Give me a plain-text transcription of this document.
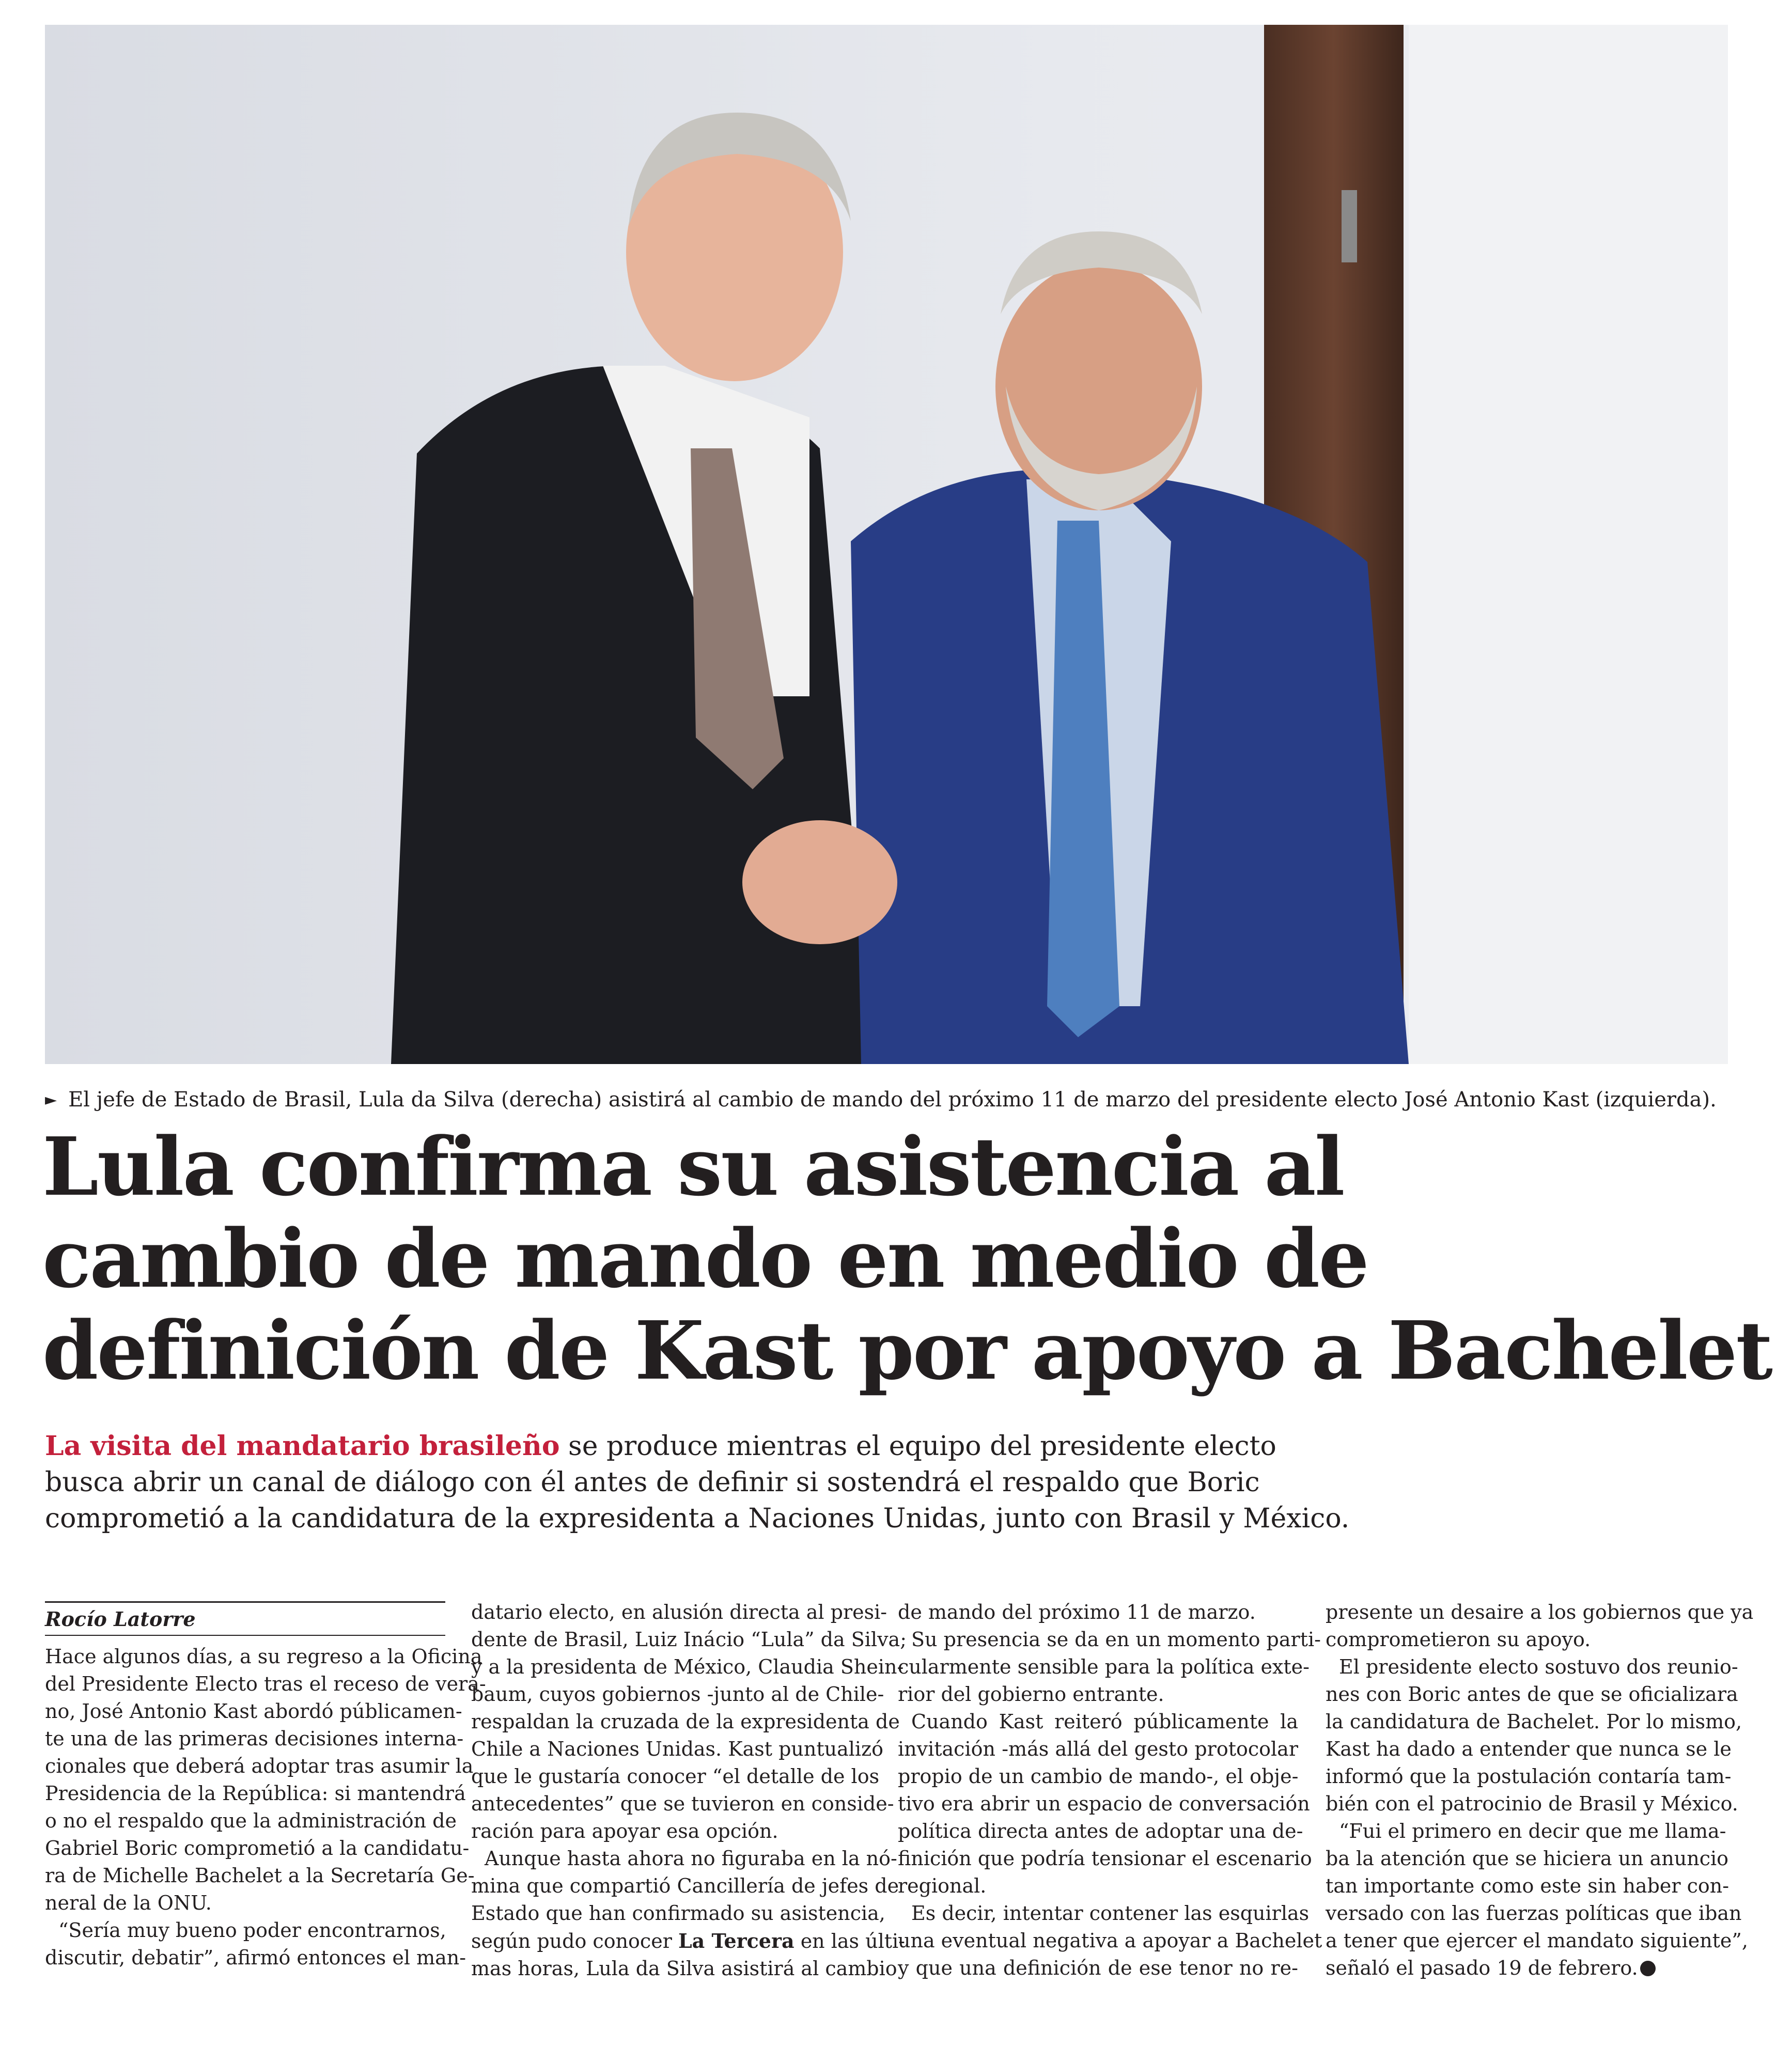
► El jefe de Estado de Brasil, Lula da Silva (derecha) asistirá al cambio de mando del próximo 11 de marzo del presidente electo José Antonio Kast (izquierda).
Lula confirma su asistencia al
cambio de mando en medio de
definición de Kast por apoyo a Bachelet
La visita del mandatario brasileño se produce mientras el equipo del presidente electo
busca abrir un canal de diálogo con él antes de definir si sostendrá el respaldo que Boric
comprometió a la candidatura de la expresidenta a Naciones Unidas, junto con Brasil y México.
Rocío Latorre
Hace algunos días, a su regreso a la Oficina
del Presidente Electo tras el receso de vera-
no, José Antonio Kast abordó públicamen-
te una de las primeras decisiones interna-
cionales que deberá adoptar tras asumir la
Presidencia de la República: si mantendrá
o no el respaldo que la administración de
Gabriel Boric comprometió a la candidatu-
ra de Michelle Bachelet a la Secretaría Ge-
neral de la ONU.
“Sería muy bueno poder encontrarnos,
discutir, debatir”, afirmó entonces el man-
datario electo, en alusión directa al presi-
dente de Brasil, Luiz Inácio “Lula” da Silva;
y a la presidenta de México, Claudia Shein-
baum, cuyos gobiernos -junto al de Chile-
respaldan la cruzada de la expresidenta de
Chile a Naciones Unidas. Kast puntualizó
que le gustaría conocer “el detalle de los
antecedentes” que se tuvieron en conside-
ración para apoyar esa opción.
Aunque hasta ahora no figuraba en la nó-
mina que compartió Cancillería de jefes de
Estado que han confirmado su asistencia,
según pudo conocer La Tercera en las últi-
mas horas, Lula da Silva asistirá al cambio
de mando del próximo 11 de marzo.
Su presencia se da en un momento parti-
cularmente sensible para la política exte-
rior del gobierno entrante.
Cuando Kast reiteró públicamente la
invitación -más allá del gesto protocolar
propio de un cambio de mando-, el obje-
tivo era abrir un espacio de conversación
política directa antes de adoptar una de-
finición que podría tensionar el escenario
regional.
Es decir, intentar contener las esquirlas
una eventual negativa a apoyar a Bachelet
y que una definición de ese tenor no re-
presente un desaire a los gobiernos que ya
comprometieron su apoyo.
El presidente electo sostuvo dos reunio-
nes con Boric antes de que se oficializara
la candidatura de Bachelet. Por lo mismo,
Kast ha dado a entender que nunca se le
informó que la postulación contaría tam-
bién con el patrocinio de Brasil y México.
“Fui el primero en decir que me llama-
ba la atención que se hiciera un anuncio
tan importante como este sin haber con-
versado con las fuerzas políticas que iban
a tener que ejercer el mandato siguiente”,
señaló el pasado 19 de febrero.
